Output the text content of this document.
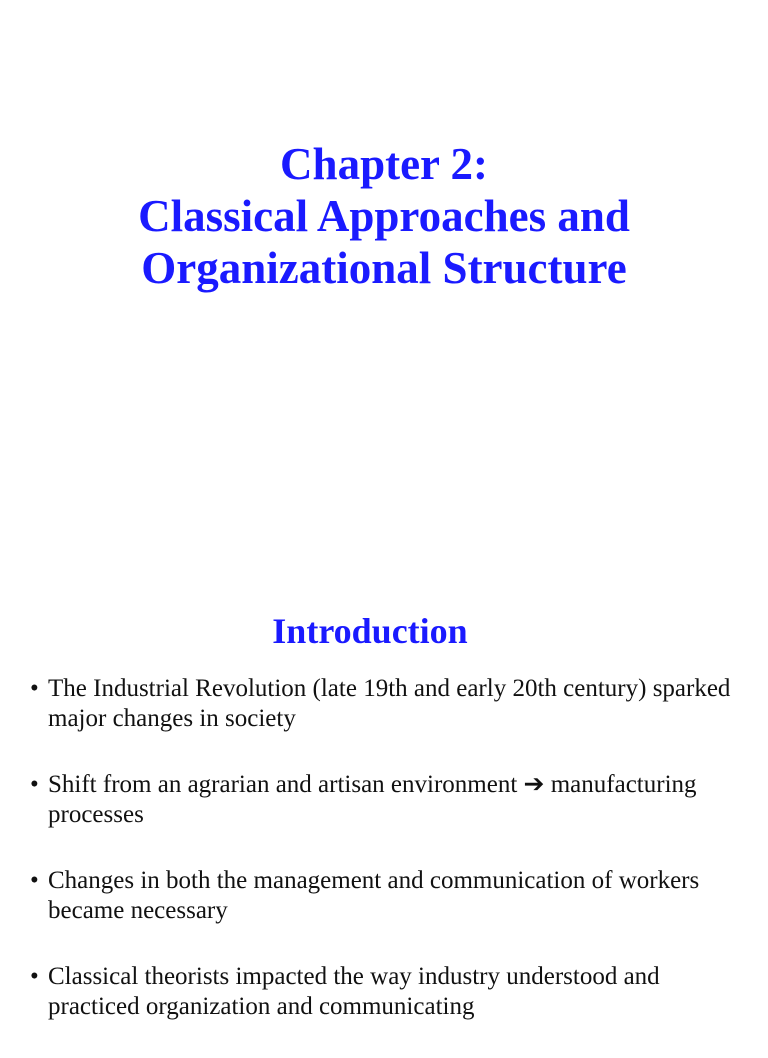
Chapter 2:
Classical Approaches and
Organizational Structure
Introduction
• The Industrial Revolution (late 19th and early 20th century) sparked major changes in society
• Shift from an agrarian and artisan environment ➔ manufacturing processes
• Changes in both the management and communication of workers became necessary
• Classical theorists impacted the way industry understood and practiced organization and communicating
